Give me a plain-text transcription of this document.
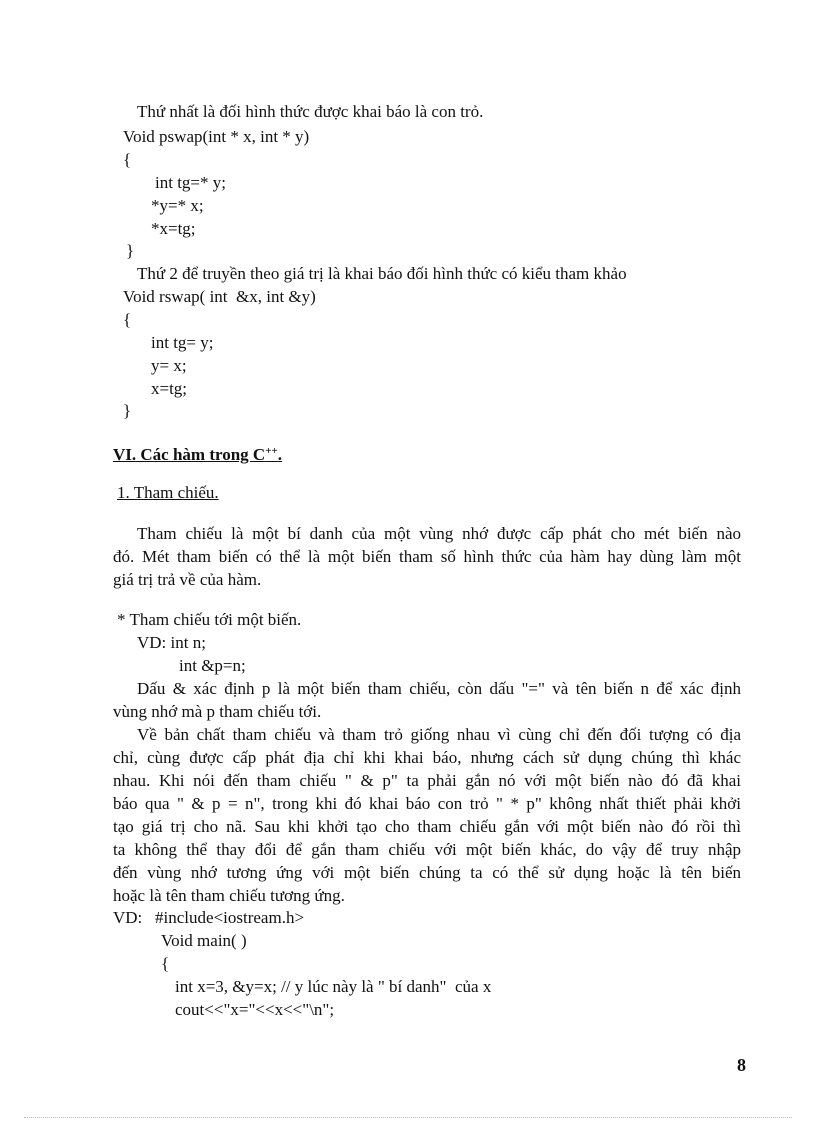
Thứ nhất là đối hình thức được khai báo là con trỏ.
Void pswap(int * x, int * y)
{
int tg=* y;
*y=* x;
*x=tg;
}
Thứ 2 để truyền theo giá trị là khai báo đối hình thức có kiểu tham khảo
Void rswap( int  &x, int &y)
{
int tg= y;
y= x;
x=tg;
}
VI. Các hàm trong C++.
1. Tham chiếu.
Tham chiếu là một bí danh của một vùng nhớ được cấp phát cho mét biến nào
đó. Mét tham biến có thể là một biến tham số hình thức của hàm hay dùng làm một
giá trị trả về của hàm.
* Tham chiếu tới một biến.
VD: int n;
int &p=n;
Dấu & xác định p là một biến tham chiếu, còn dấu "=" và tên biến n để xác định
vùng nhớ mà p tham chiếu tới.
Về bản chất tham chiếu và tham trỏ giống nhau vì cùng chỉ đến đối tượng có địa
chỉ, cùng được cấp phát địa chỉ khi khai báo, nhưng cách sử dụng chúng thì khác
nhau. Khi nói đến tham chiếu " & p" ta phải gắn nó với một biến nào đó đã khai
báo qua " & p = n", trong khi đó khai báo con trỏ " * p" không nhất thiết phải khởi
tạo giá trị cho nã. Sau khi khởi tạo cho tham chiếu gắn với một biến nào đó rồi thì
ta không thể thay đổi để gắn tham chiếu với một biến khác, do vậy để truy nhập
đến vùng nhớ tương ứng với một biến chúng ta có thể sử dụng hoặc là tên biến
hoặc là tên tham chiếu tương ứng.
VD:   #include<iostream.h>
Void main( )
{
int x=3, &y=x; // y lúc này là " bí danh"  của x
cout<<"x="<<x<<"\n";
8
